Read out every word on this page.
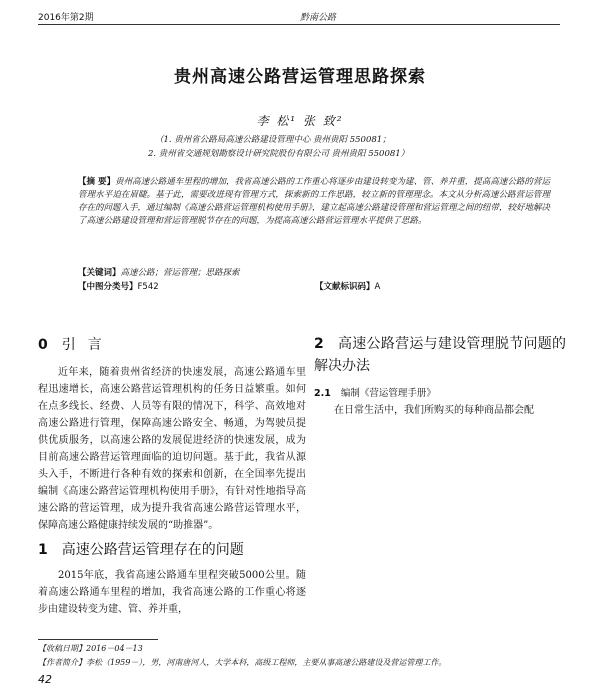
2016年第2期	黔南公路
贵州高速公路营运管理思路探索
李 松¹ 张 致²
（1. 贵州省公路局高速公路建设管理中心 贵州贵阳 550081；
2. 贵州省交通规划勘察设计研究院股份有限公司 贵州贵阳 550081）
【摘 要】贵州高速公路通车里程的增加，我省高速公路的工作重心将逐步由建设转变为建、管、养并重，提高高速公路的营运管理水平迫在眉睫。基于此，需要改进现有管理方式，探索新的工作思路，较立新的管理理念。本文从分析高速公路营运管理存在的问题入手，通过编制《高速公路营运管理机构使用手册》，建立起高速公路建设管理和营运管理之间的纽带，较好地解决了高速公路建设管理和营运管理脱节存在的问题，为提高高速公路营运管理水平提供了思路。
【关键词】高速公路；营运管理；思路探索
【中图分类号】F542	【文献标识码】A
0 引言

近年来，随着贵州省经济的快速发展，高速公路通车里程迅速增长，高速公路营运管理机构的任务日益繁重。如何在点多线长、经费、人员等有限的情况下，科学、高效地对高速公路进行管理，保障高速公路安全、畅通，为驾驶员提供优质服务，以高速公路的发展促进经济的快速发展，成为目前高速公路营运管理面临的迫切问题。基于此，我省从源头入手，不断进行各种有效的探索和创新，在全国率先提出编制《高速公路营运管理机构使用手册》，有针对性地指导高速公路的营运管理，成为提升我省高速公路营运管理水平，保障高速公路健康持续发展的“助推器”。

1 高速公路营运管理存在的问题

2015年底，我省高速公路通车里程突破5000公里。随着高速公路通车里程的增加，我省高速公路的工作重心将逐步由建设转变为建、管、养并重，

2 高速公路营运与建设管理脱节问题的解决办法
2.1 编制《营运管理手册》

在日常生活中，我们所购买的每种商品都会配

【收稿日期】2016－04－13
【作者简介】李松（1959－），男，河南唐河人，大学本科，高级工程师，主要从事高速公路建设及营运管理工作。
42
